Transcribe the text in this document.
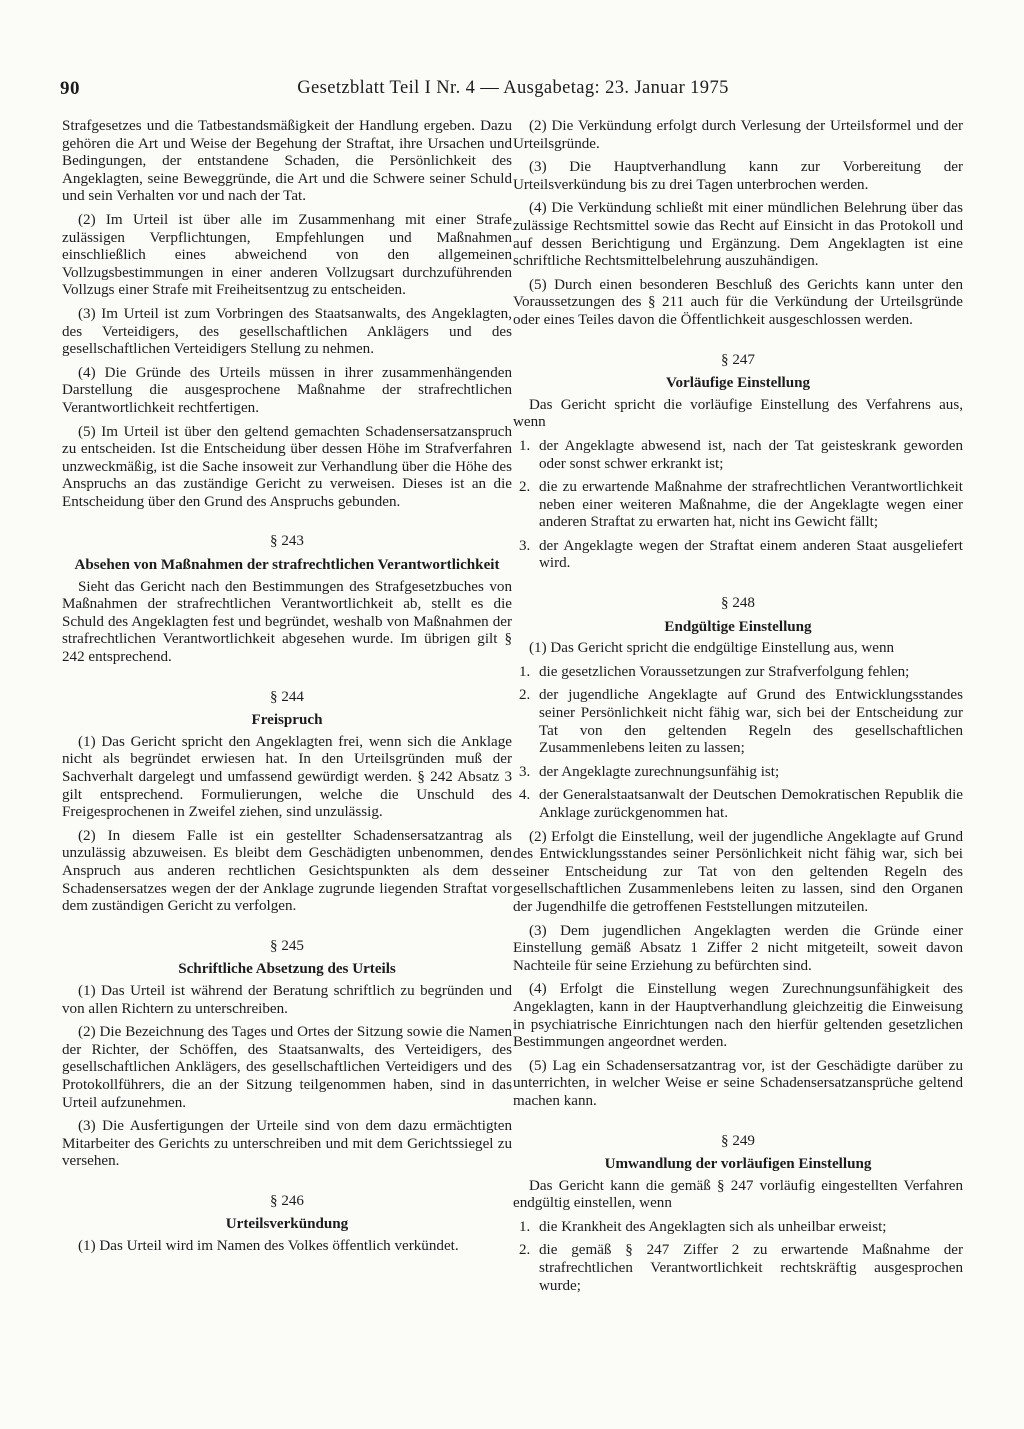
90	Gesetzblatt Teil I Nr. 4 — Ausgabetag: 23. Januar 1975

Strafgesetzes und die Tatbestandsmäßigkeit der Handlung ergeben. Dazu gehören die Art und Weise der Begehung der Straftat, ihre Ursachen und Bedingungen, der entstandene Schaden, die Persönlichkeit des Angeklagten, seine Beweggründe, die Art und die Schwere seiner Schuld und sein Verhalten vor und nach der Tat.

(2) Im Urteil ist über alle im Zusammenhang mit einer Strafe zulässigen Verpflichtungen, Empfehlungen und Maßnahmen einschließlich eines abweichend von den allgemeinen Vollzugsbestimmungen in einer anderen Vollzugsart durchzuführenden Vollzugs einer Strafe mit Freiheitsentzug zu entscheiden.

(3) Im Urteil ist zum Vorbringen des Staatsanwalts, des Angeklagten, des Verteidigers, des gesellschaftlichen Anklägers und des gesellschaftlichen Verteidigers Stellung zu nehmen.

(4) Die Gründe des Urteils müssen in ihrer zusammenhängenden Darstellung die ausgesprochene Maßnahme der strafrechtlichen Verantwortlichkeit rechtfertigen.

(5) Im Urteil ist über den geltend gemachten Schadensersatzanspruch zu entscheiden. Ist die Entscheidung über dessen Höhe im Strafverfahren unzweckmäßig, ist die Sache insoweit zur Verhandlung über die Höhe des Anspruchs an das zuständige Gericht zu verweisen. Dieses ist an die Entscheidung über den Grund des Anspruchs gebunden.

§ 243
Absehen von Maßnahmen der strafrechtlichen Verantwortlichkeit

Sieht das Gericht nach den Bestimmungen des Strafgesetzbuches von Maßnahmen der strafrechtlichen Verantwortlichkeit ab, stellt es die Schuld des Angeklagten fest und begründet, weshalb von Maßnahmen der strafrechtlichen Verantwortlichkeit abgesehen wurde. Im übrigen gilt § 242 entsprechend.

§ 244
Freispruch

(1) Das Gericht spricht den Angeklagten frei, wenn sich die Anklage nicht als begründet erwiesen hat. In den Urteilsgründen muß der Sachverhalt dargelegt und umfassend gewürdigt werden. § 242 Absatz 3 gilt entsprechend. Formulierungen, welche die Unschuld des Freigesprochenen in Zweifel ziehen, sind unzulässig.

(2) In diesem Falle ist ein gestellter Schadensersatzantrag als unzulässig abzuweisen. Es bleibt dem Geschädigten unbenommen, den Anspruch aus anderen rechtlichen Gesichtspunkten als dem des Schadensersatzes wegen der der Anklage zugrunde liegenden Straftat vor dem zuständigen Gericht zu verfolgen.

§ 245
Schriftliche Absetzung des Urteils

(1) Das Urteil ist während der Beratung schriftlich zu begründen und von allen Richtern zu unterschreiben.

(2) Die Bezeichnung des Tages und Ortes der Sitzung sowie die Namen der Richter, der Schöffen, des Staatsanwalts, des Verteidigers, des gesellschaftlichen Anklägers, des gesellschaftlichen Verteidigers und des Protokollführers, die an der Sitzung teilgenommen haben, sind in das Urteil aufzunehmen.

(3) Die Ausfertigungen der Urteile sind von dem dazu ermächtigten Mitarbeiter des Gerichts zu unterschreiben und mit dem Gerichtssiegel zu versehen.

§ 246
Urteilsverkündung

(1) Das Urteil wird im Namen des Volkes öffentlich verkündet.

(2) Die Verkündung erfolgt durch Verlesung der Urteilsformel und der Urteilsgründe.

(3) Die Hauptverhandlung kann zur Vorbereitung der Urteilsverkündung bis zu drei Tagen unterbrochen werden.

(4) Die Verkündung schließt mit einer mündlichen Belehrung über das zulässige Rechtsmittel sowie das Recht auf Einsicht in das Protokoll und auf dessen Berichtigung und Ergänzung. Dem Angeklagten ist eine schriftliche Rechtsmittelbelehrung auszuhändigen.

(5) Durch einen besonderen Beschluß des Gerichts kann unter den Voraussetzungen des § 211 auch für die Verkündung der Urteilsgründe oder eines Teiles davon die Öffentlichkeit ausgeschlossen werden.

§ 247
Vorläufige Einstellung

Das Gericht spricht die vorläufige Einstellung des Verfahrens aus, wenn

1. der Angeklagte abwesend ist, nach der Tat geisteskrank geworden oder sonst schwer erkrankt ist;
2. die zu erwartende Maßnahme der strafrechtlichen Verantwortlichkeit neben einer weiteren Maßnahme, die der Angeklagte wegen einer anderen Straftat zu erwarten hat, nicht ins Gewicht fällt;
3. der Angeklagte wegen der Straftat einem anderen Staat ausgeliefert wird.
§ 248
Endgültige Einstellung

(1) Das Gericht spricht die endgültige Einstellung aus, wenn

1. die gesetzlichen Voraussetzungen zur Strafverfolgung fehlen;
2. der jugendliche Angeklagte auf Grund des Entwicklungsstandes seiner Persönlichkeit nicht fähig war, sich bei der Entscheidung zur Tat von den geltenden Regeln des gesellschaftlichen Zusammenlebens leiten zu lassen;
3. der Angeklagte zurechnungsunfähig ist;
4. der Generalstaatsanwalt der Deutschen Demokratischen Republik die Anklage zurückgenommen hat.

(2) Erfolgt die Einstellung, weil der jugendliche Angeklagte auf Grund des Entwicklungsstandes seiner Persönlichkeit nicht fähig war, sich bei seiner Entscheidung zur Tat von den geltenden Regeln des gesellschaftlichen Zusammenlebens leiten zu lassen, sind den Organen der Jugendhilfe die getroffenen Feststellungen mitzuteilen.

(3) Dem jugendlichen Angeklagten werden die Gründe einer Einstellung gemäß Absatz 1 Ziffer 2 nicht mitgeteilt, soweit davon Nachteile für seine Erziehung zu befürchten sind.

(4) Erfolgt die Einstellung wegen Zurechnungsunfähigkeit des Angeklagten, kann in der Hauptverhandlung gleichzeitig die Einweisung in psychiatrische Einrichtungen nach den hierfür geltenden gesetzlichen Bestimmungen angeordnet werden.

(5) Lag ein Schadensersatzantrag vor, ist der Geschädigte darüber zu unterrichten, in welcher Weise er seine Schadensersatzansprüche geltend machen kann.

§ 249
Umwandlung der vorläufigen Einstellung

Das Gericht kann die gemäß § 247 vorläufig eingestellten Verfahren endgültig einstellen, wenn

1. die Krankheit des Angeklagten sich als unheilbar erweist;
2. die gemäß § 247 Ziffer 2 zu erwartende Maßnahme der strafrechtlichen Verantwortlichkeit rechtskräftig ausgesprochen wurde;
